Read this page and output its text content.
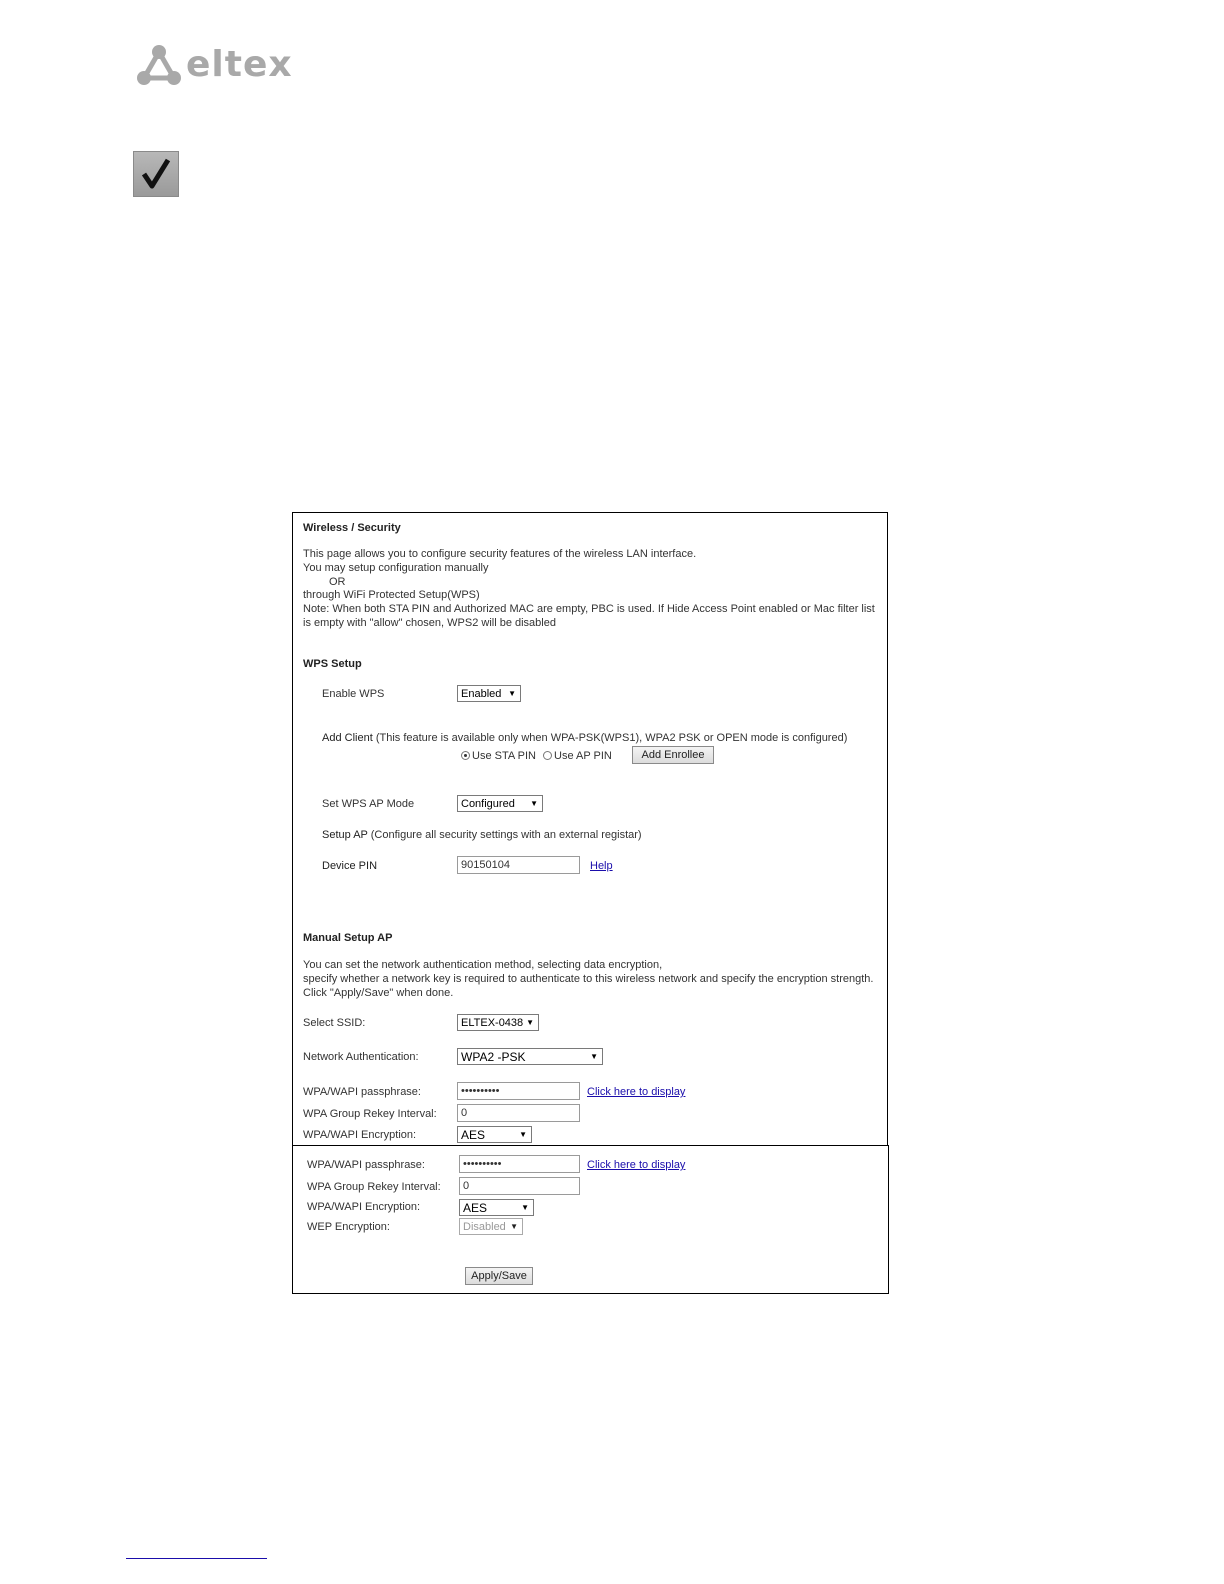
eltex
Wireless / Security
This page allows you to configure security features of the wireless LAN interface.
You may setup configuration manually
OR
through WiFi Protected Setup(WPS)
Note: When both STA PIN and Authorized MAC are empty, PBC is used. If Hide Access Point enabled or Mac filter list
is empty with "allow" chosen, WPS2 will be disabled
WPS Setup
Enable WPS	Enabled ▼
Add Client (This feature is available only when WPA-PSK(WPS1), WPA2 PSK or OPEN mode is configured)
Use STA PIN Use AP PIN	Add Enrollee
Set WPS AP Mode	Configured ▼
Setup AP (Configure all security settings with an external registar)
Device PIN	90150104	Help
Manual Setup AP
You can set the network authentication method, selecting data encryption,
specify whether a network key is required to authenticate to this wireless network and specify the encryption strength.
Click "Apply/Save" when done.
Select SSID:	ELTEX-0438 ▼
Network Authentication:	WPA2 -PSK	▼
WPA/WAPI passphrase:	••••••••••	Click here to display
WPA Group Rekey Interval:	0
WPA/WAPI Encryption:	AES	▼
WPA/WAPI passphrase:	••••••••••	Click here to display
WPA Group Rekey Interval:	0
WPA/WAPI Encryption:	AES	▼
WEP Encryption:	Disabled ▼
Apply/Save
